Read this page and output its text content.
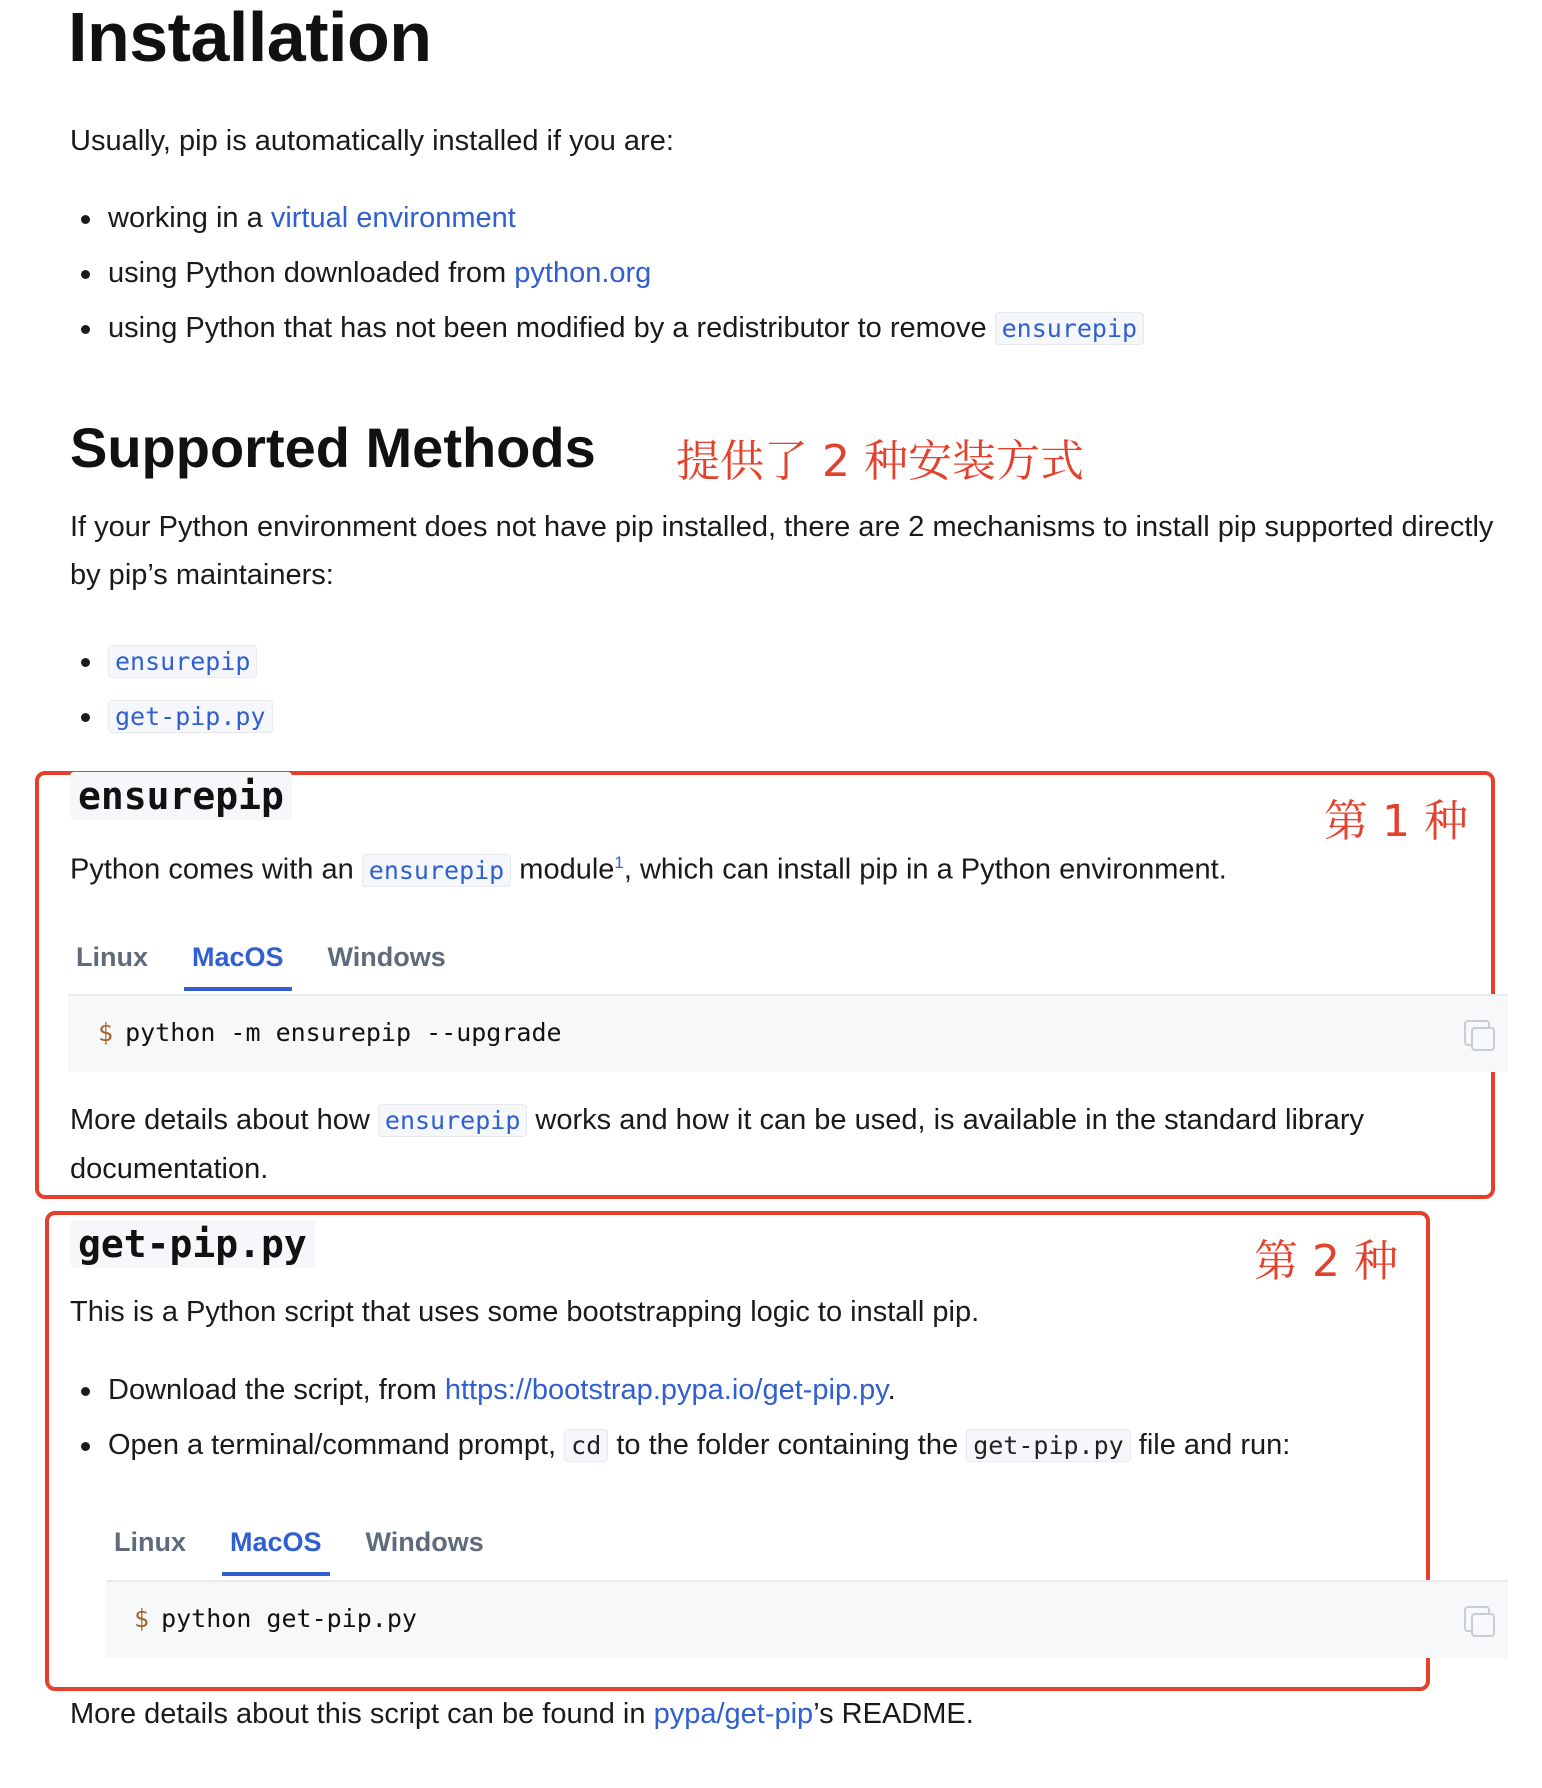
Installation

Usually, pip is automatically installed if you are:

working in a virtual environment
using Python downloaded from python.org
using Python that has not been modified by a redistributor to remove ensurepip
Supported Methods 提供了 2 种安装方式

If your Python environment does not have pip installed, there are 2 mechanisms to install pip supported directly by pip’s maintainers:

ensurepip
get-pip.py
ensurepip	第 1 种

Python comes with an ensurepip module$^1$, which can install pip in a Python environment.

Linux MacOS Windows
$ python -m ensurepip --upgrade

More details about how ensurepip works and how it can be used, is available in the standard library documentation.

get-pip.py	第 2 种

This is a Python script that uses some bootstrapping logic to install pip.

Download the script, from https://bootstrap.pypa.io/get-pip.py.
Open a terminal/command prompt, cd to the folder containing the get-pip.py file and run:
Linux MacOS Windows
$ python get-pip.py

More details about this script can be found in pypa/get-pip’s README.
